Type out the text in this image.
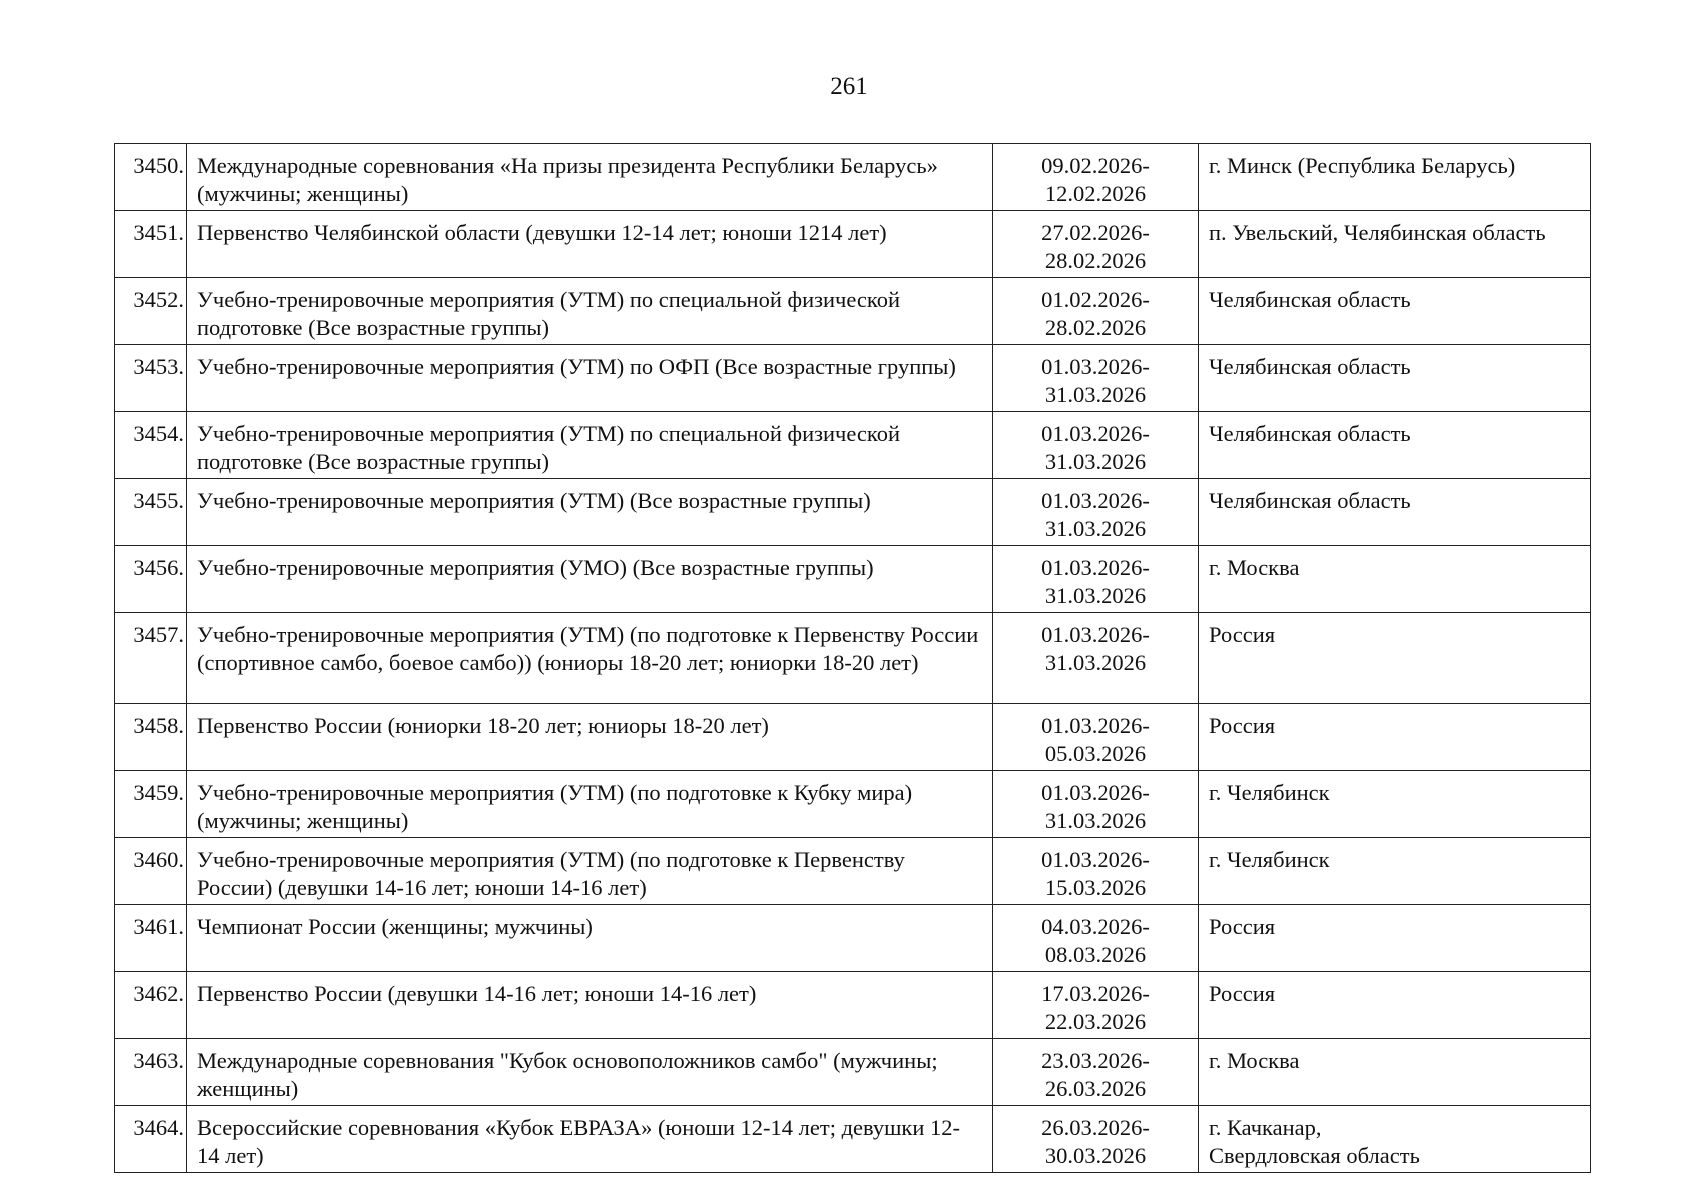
261
3450.	Международные соревнования «На призы президента Республики Беларусь» (мужчины; женщины)	09.02.2026-
12.02.2026	г. Минск (Республика Беларусь)

3451.	Первенство Челябинской области (девушки 12-14 лет; юноши 1214 лет)	27.02.2026-
28.02.2026	п. Увельский, Челябинская область

3452.	Учебно-тренировочные мероприятия (УТМ) по специальной физической подготовке (Все возрастные группы)	01.02.2026-
28.02.2026	Челябинская область

3453.	Учебно-тренировочные мероприятия (УТМ) по ОФП (Все возрастные группы)	01.03.2026-
31.03.2026	Челябинская область

3454.	Учебно-тренировочные мероприятия (УТМ) по специальной физической подготовке (Все возрастные группы)	01.03.2026-
31.03.2026	Челябинская область

3455.	Учебно-тренировочные мероприятия (УТМ) (Все возрастные группы)	01.03.2026-
31.03.2026	Челябинская область

3456.	Учебно-тренировочные мероприятия (УМО) (Все возрастные группы)	01.03.2026-
31.03.2026	г. Москва

3457.	Учебно-тренировочные мероприятия (УТМ) (по подготовке к Первенству России (спортивное самбо, боевое самбо)) (юниоры 18-20 лет; юниорки 18-20 лет)	01.03.2026-
31.03.2026	Россия

3458.	Первенство России (юниорки 18-20 лет; юниоры 18-20 лет)	01.03.2026-
05.03.2026	Россия

3459.	Учебно-тренировочные мероприятия (УТМ) (по подготовке к Кубку мира) (мужчины; женщины)	01.03.2026-
31.03.2026	г. Челябинск

3460.	Учебно-тренировочные мероприятия (УТМ) (по подготовке к Первенству России) (девушки 14-16 лет; юноши 14-16 лет)	01.03.2026-
15.03.2026	г. Челябинск

3461.	Чемпионат России (женщины; мужчины)	04.03.2026-
08.03.2026	Россия

3462.	Первенство России (девушки 14-16 лет; юноши 14-16 лет)	17.03.2026-
22.03.2026	Россия

3463.	Международные соревнования "Кубок основоположников самбо" (мужчины; женщины)	23.03.2026-
26.03.2026	г. Москва

3464.	Всероссийские соревнования «Кубок ЕВРАЗА» (юноши 12-14 лет; девушки 12-14 лет)	26.03.2026-
30.03.2026	г. Качканар,
Свердловская область
